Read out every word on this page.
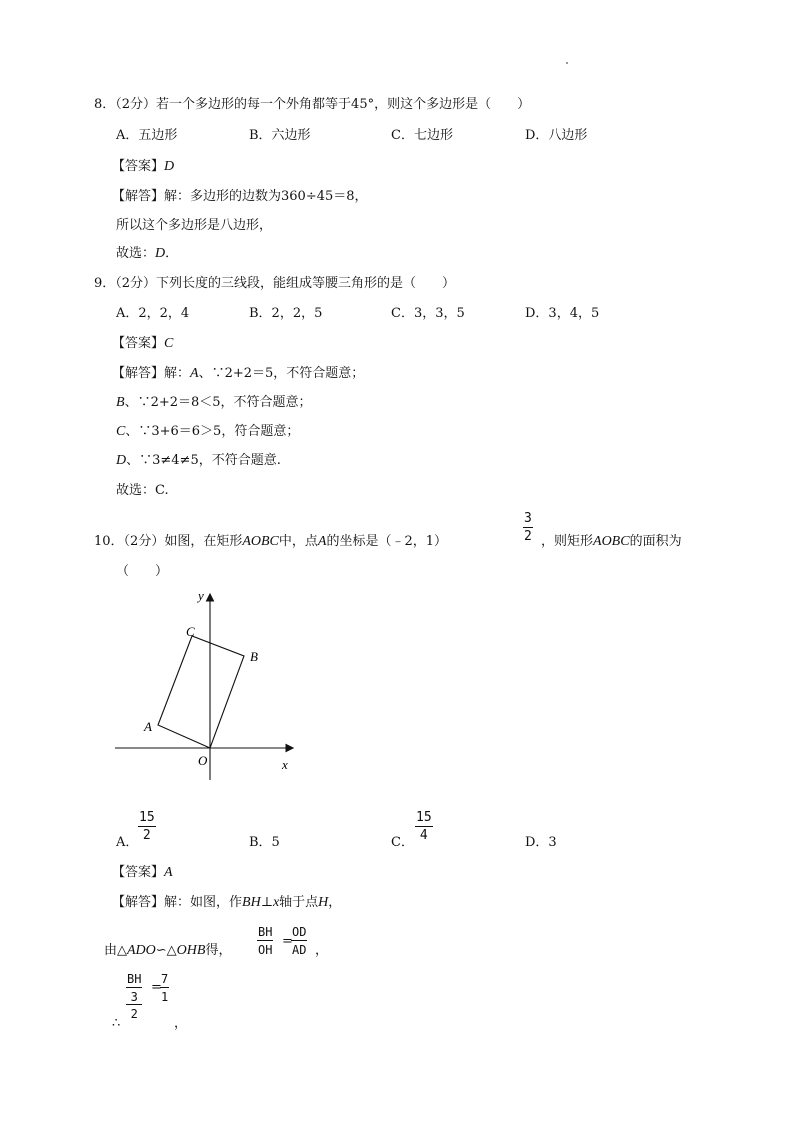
8．（2分）若一个多边形的每一个外角都等于45°，则这个多边形是（　　）
A．五边形	B．六边形	C．七边形	D．八边形
【答案】D
【解答】解：多边形的边数为360÷45＝8，
所以这个多边形是八边形，
故选：D．
9．（2分）下列长度的三线段，能组成等腰三角形的是（　　）
A．2，2，4	B．2，2，5	C．3，3，5	D．3，4，5
【答案】C
【解答】解：A、∵2+2＝5，不符合题意；
B、∵2+2＝8＜5，不符合题意；
C、∵3+6＝6＞5，符合题意；
D、∵3≠4≠5，不符合题意.
故选：C.
10．（2分）如图，在矩形AOBC中，点A的坐标是（﹣2，1）	$\frac{3}{2}$ ，则矩形AOBC的面积为
（　　）
y
x
O
A
B
C
A． $\frac{15}{2}$	B．5	C． $\frac{15}{4}$	D．3
【答案】A
【解答】解：如图，作BH⊥x轴于点H，
由△ADO∽△OHB得， $\frac{BH}{OH}$ =
$\frac{OD}{AD}$ ，
BH
3
2 =
$\frac{7}{1}$
∴	，
